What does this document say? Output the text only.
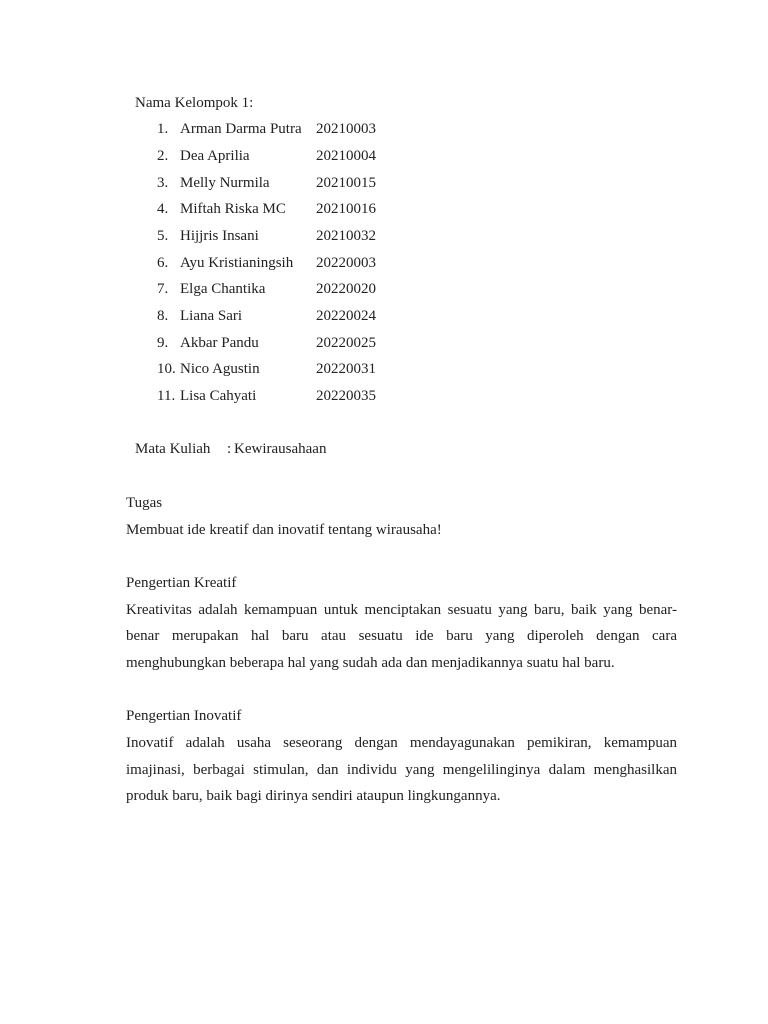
Nama Kelompok 1:
1. Arman Darma Putra 20210003
2. Dea Aprilia	20210004
3. Melly Nurmila	20210015
4. Miftah Riska MC 20210016
5. Hijjris Insani	20210032
6. Ayu Kristianingsih 20220003
7. Elga Chantika	20220020
8. Liana Sari	20220024
9. Akbar Pandu	20220025
10. Nico Agustin	20220031
11. Lisa Cahyati	20220035
Mata Kuliah : Kewirausahaan
Tugas
Membuat ide kreatif dan inovatif tentang wirausaha!
Pengertian Kreatif
Kreativitas adalah kemampuan untuk menciptakan sesuatu yang baru, baik yang benar-
benar merupakan hal baru atau sesuatu ide baru yang diperoleh dengan cara
menghubungkan beberapa hal yang sudah ada dan menjadikannya suatu hal baru.
Pengertian Inovatif
Inovatif adalah usaha seseorang dengan mendayagunakan pemikiran, kemampuan
imajinasi, berbagai stimulan, dan individu yang mengelilinginya dalam menghasilkan
produk baru, baik bagi dirinya sendiri ataupun lingkungannya.
